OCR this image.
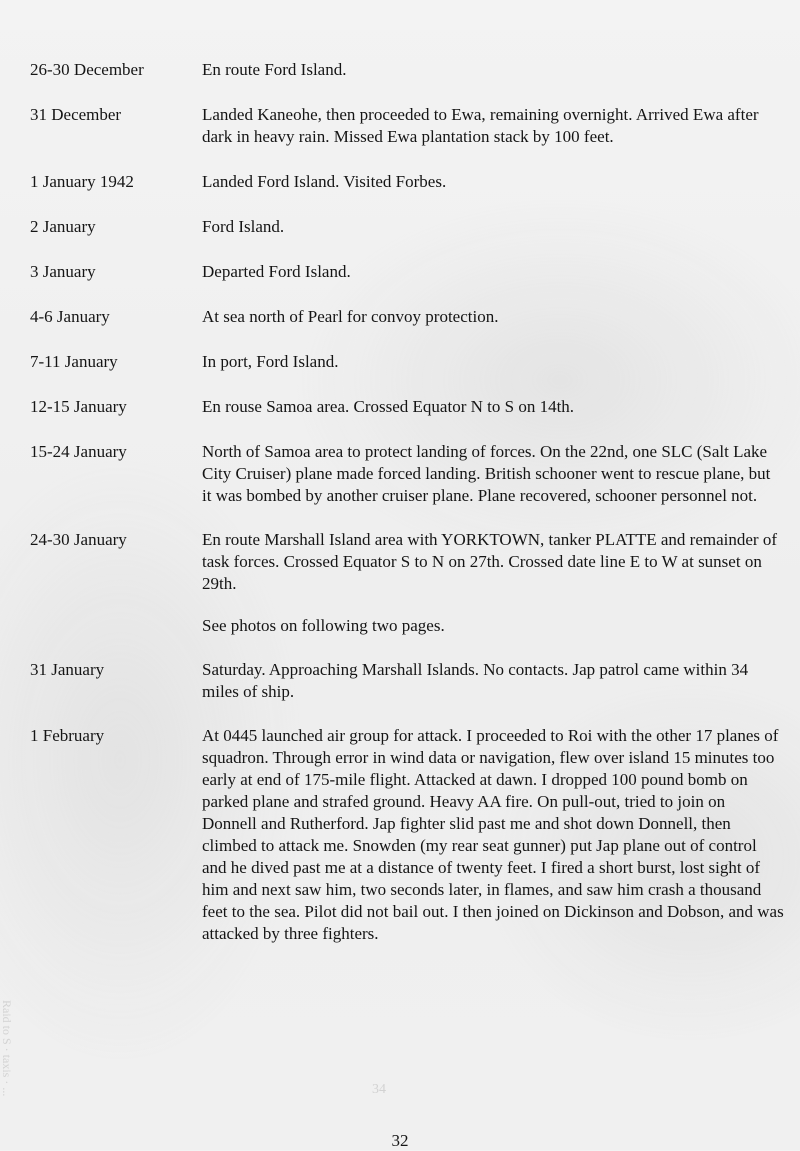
Raid to S · taxis · ...	34
26-30 December	En route Ford Island.
31 December	Landed Kaneohe, then proceeded to Ewa, remaining overnight. Arrived Ewa after dark in heavy rain. Missed Ewa plantation stack by 100 feet.
1 January 1942	Landed Ford Island. Visited Forbes.
2 January	Ford Island.
3 January	Departed Ford Island.
4-6 January	At sea north of Pearl for convoy protection.
7-11 January	In port, Ford Island.
12-15 January	En rouse Samoa area. Crossed Equator N to S on 14th.
15-24 January	North of Samoa area to protect landing of forces. On the 22nd, one SLC (Salt Lake City Cruiser) plane made forced landing. British schooner went to rescue plane, but it was bombed by another cruiser plane. Plane recovered, schooner personnel not.
24-30 January	En route Marshall Island area with YORKTOWN, tanker PLATTE and remainder of task forces. Crossed Equator S to N on 27th. Crossed date line E to W at sunset on 29th.
See photos on following two pages.
31 January	Saturday. Approaching Marshall Islands. No contacts. Jap patrol came within 34 miles of ship.
1 February	At 0445 launched air group for attack. I proceeded to Roi with the other 17 planes of squadron. Through error in wind data or navigation, flew over island 15 minutes too early at end of 175-mile flight. Attacked at dawn. I dropped 100 pound bomb on parked plane and strafed ground. Heavy AA fire. On pull-out, tried to join on Donnell and Rutherford. Jap fighter slid past me and shot down Donnell, then climbed to attack me. Snowden (my rear seat gunner) put Jap plane out of control and he dived past me at a distance of twenty feet. I fired a short burst, lost sight of him and next saw him, two seconds later, in flames, and saw him crash a thousand feet to the sea. Pilot did not bail out. I then joined on Dickinson and Dobson, and was attacked by three fighters.
32
